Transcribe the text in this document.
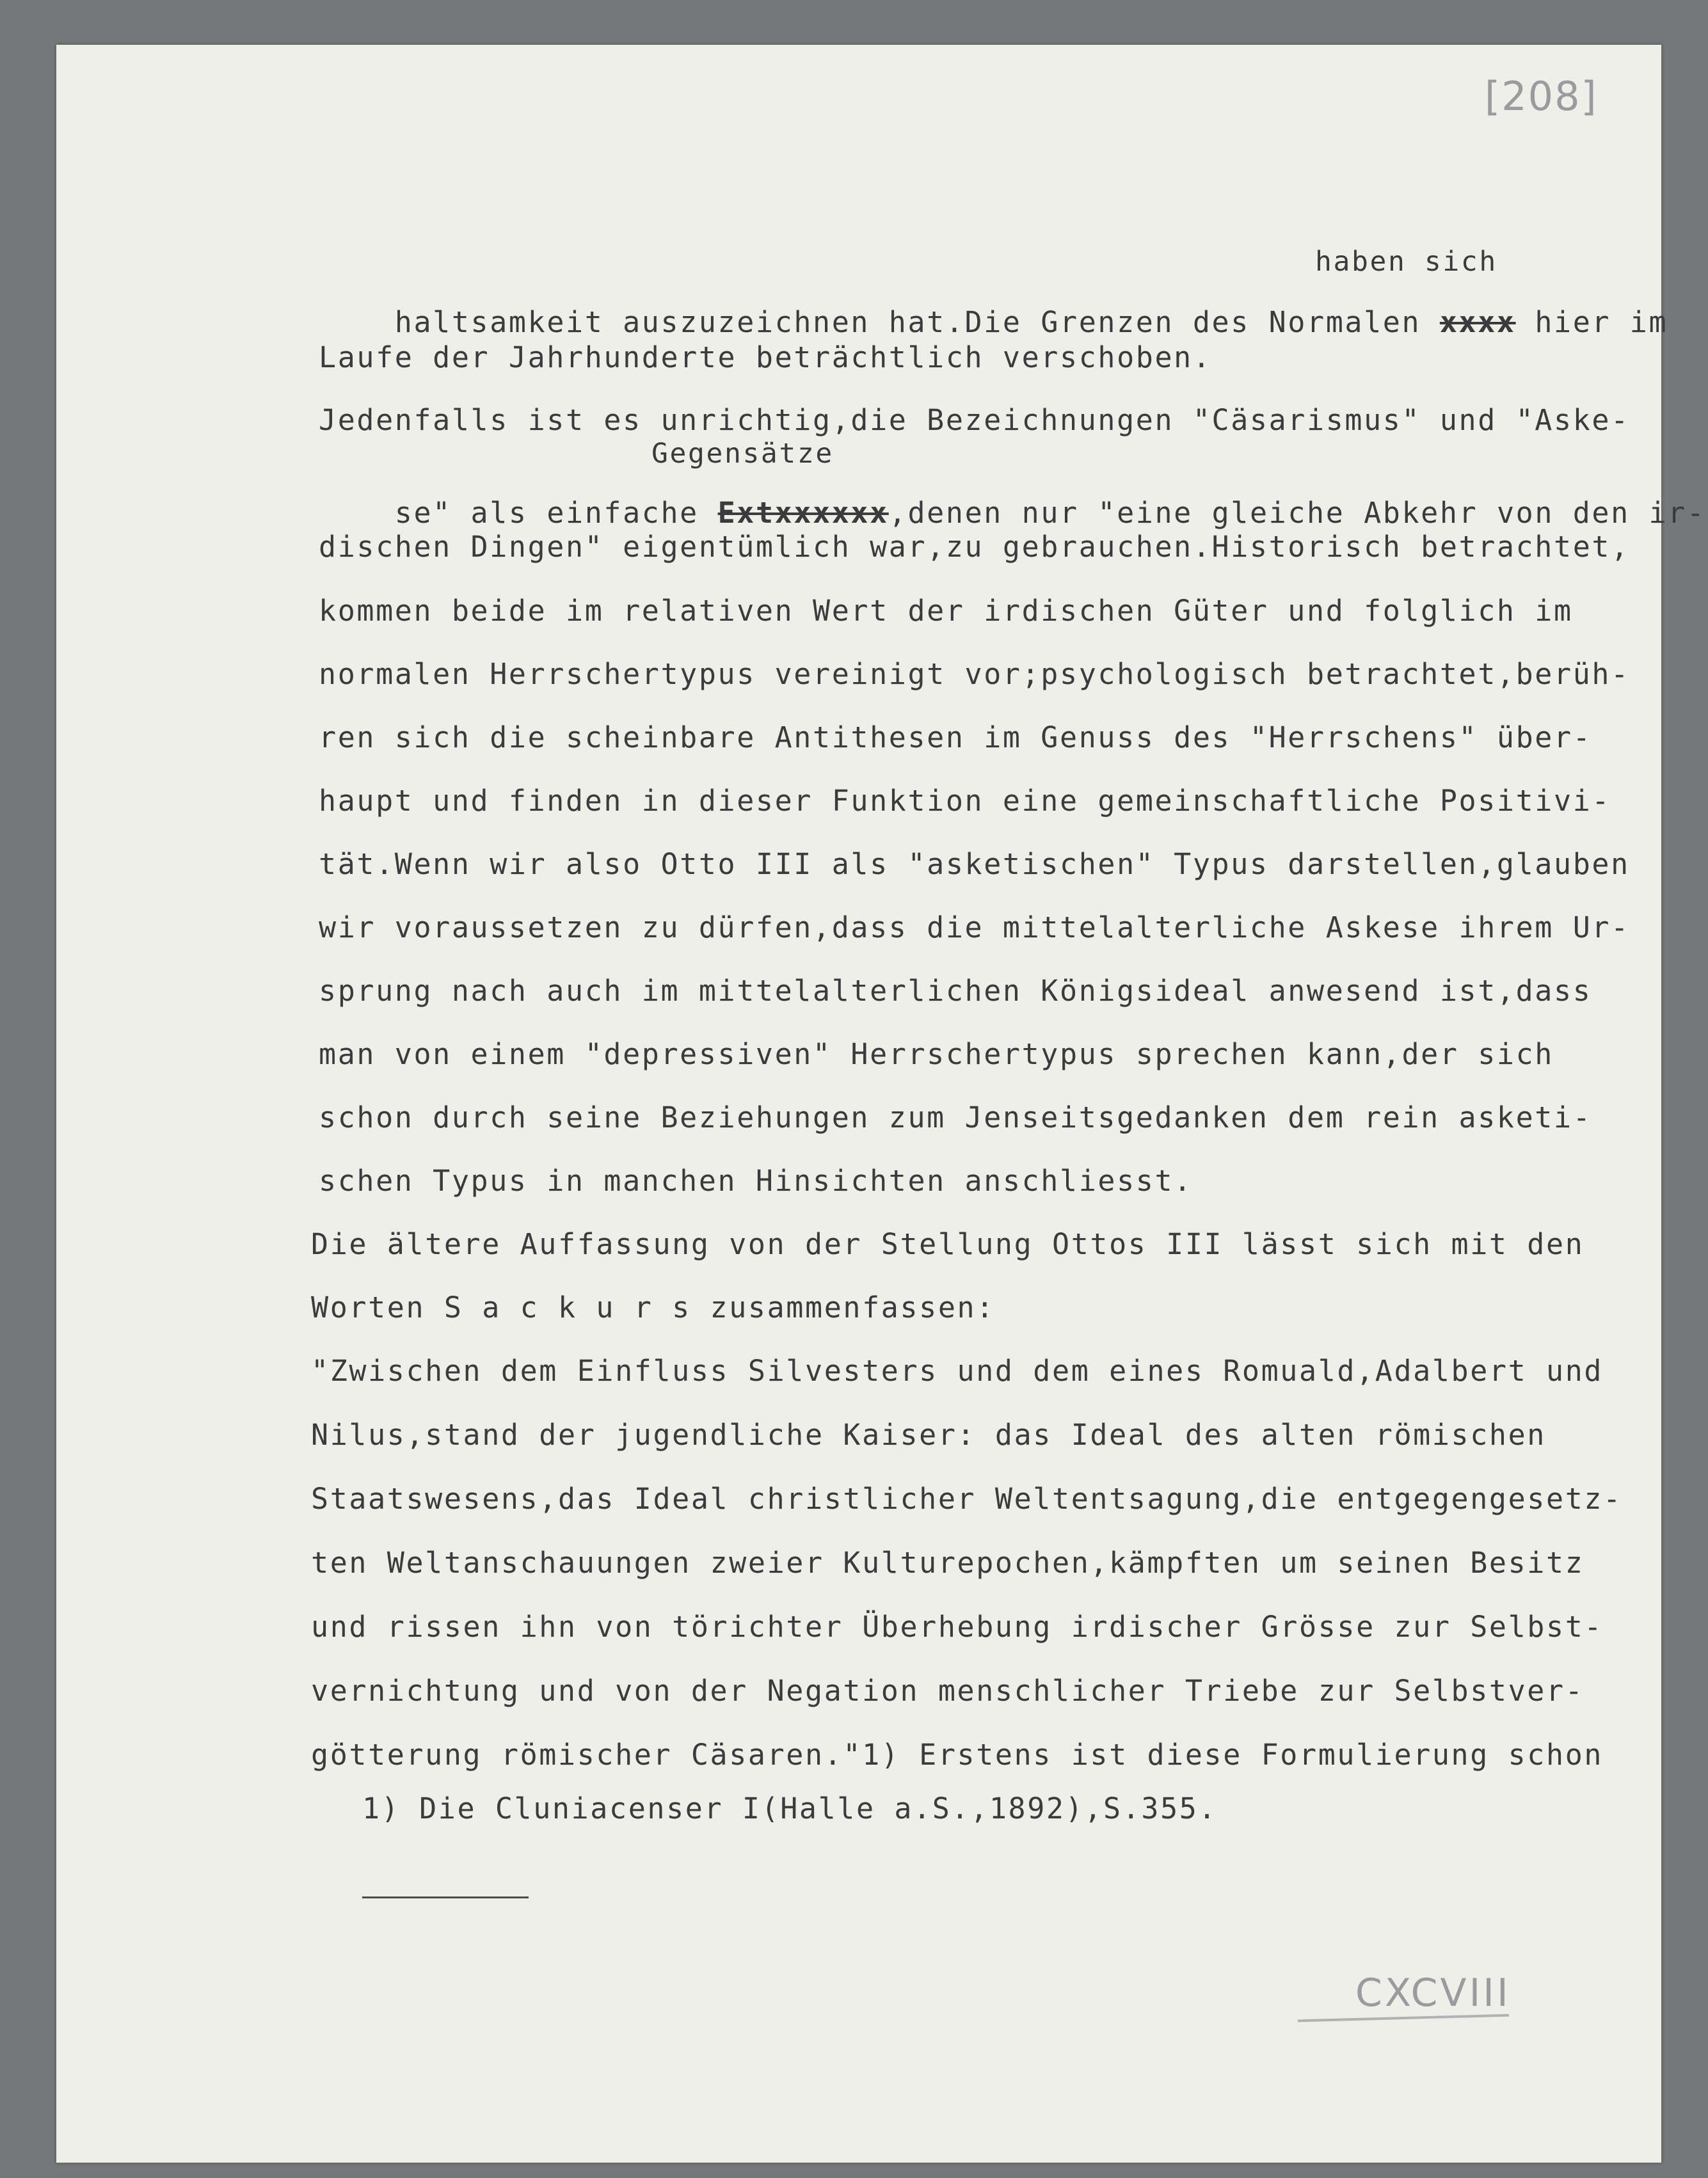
[208]
haben sich

haltsamkeit auszuzeichnen hat.Die Grenzen des Normalen xxxx hier im

Laufe der Jahrhunderte beträchtlich verschoben.
Jedenfalls ist es unrichtig,die Bezeichnungen "Cäsarismus" und "Aske-
Gegensätze

se" als einfache Extxxxxxx,denen nur "eine gleiche Abkehr von den ir-

dischen Dingen" eigentümlich war,zu gebrauchen.Historisch betrachtet,
kommen beide im relativen Wert der irdischen Güter und folglich im
normalen Herrschertypus vereinigt vor;psychologisch betrachtet,berüh-
ren sich die scheinbare Antithesen im Genuss des "Herrschens" über-
haupt und finden in dieser Funktion eine gemeinschaftliche Positivi-
tät.Wenn wir also Otto III als "asketischen" Typus darstellen,glauben
wir voraussetzen zu dürfen,dass die mittelalterliche Askese ihrem Ur-
sprung nach auch im mittelalterlichen Königsideal anwesend ist,dass
man von einem "depressiven" Herrschertypus sprechen kann,der sich
schon durch seine Beziehungen zum Jenseitsgedanken dem rein asketi-
schen Typus in manchen Hinsichten anschliesst.
Die ältere Auffassung von der Stellung Ottos III lässt sich mit den
Worten S a c k u r s zusammenfassen:
"Zwischen dem Einfluss Silvesters und dem eines Romuald,Adalbert und
Nilus,stand der jugendliche Kaiser: das Ideal des alten römischen
Staatswesens,das Ideal christlicher Weltentsagung,die entgegengesetz-
ten Weltanschauungen zweier Kulturepochen,kämpften um seinen Besitz
und rissen ihn von törichter Überhebung irdischer Grösse zur Selbst-
vernichtung und von der Negation menschlicher Triebe zur Selbstver-
götterung römischer Cäsaren."1) Erstens ist diese Formulierung schon
1) Die Cluniacenser I(Halle a.S.,1892),S.355.
CXCVIII
